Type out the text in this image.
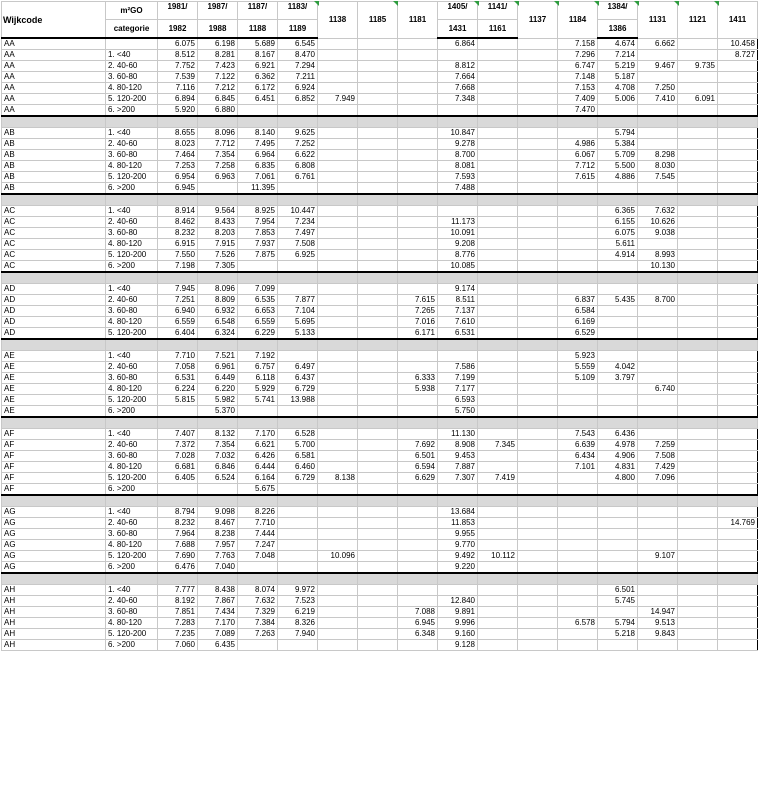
Wijkcode	m²GO	1981/	1987/	1187/	1183/	1138	1185	1181	1405/	1141/	1137	1184	1384/	1131	1121	1411
	categorie	1982	1988	1188	1189				1431	1161			1386			
AA		6.075	6.198	5.689	6.545				6.864			7.158	4.674	6.662		10.458
AA	1. <40	8.512	8.281	8.167	8.470							7.296	7.214			8.727
AA	2. 40-60	7.752	7.423	6.921	7.294				8.812			6.747	5.219	9.467	9.735	
AA	3. 60-80	7.539	7.122	6.362	7.211				7.664			7.148	5.187			
AA	4. 80-120	7.116	7.212	6.172	6.924				7.668			7.153	4.708	7.250		
AA	5. 120-200	6.894	6.845	6.451	6.852	7.949			7.348			7.409	5.006	7.410	6.091	
AA	6. >200	5.920	6.880									7.470				

AB	1. <40	8.655	8.096	8.140	9.625				10.847				5.794			
AB	2. 40-60	8.023	7.712	7.495	7.252				9.278			4.986	5.384			
AB	3. 60-80	7.464	7.354	6.964	6.622				8.700			6.067	5.709	8.298		
AB	4. 80-120	7.253	7.258	6.835	6.808				8.081			7.712	5.500	8.030		
AB	5. 120-200	6.954	6.963	7.061	6.761				7.593			7.615	4.886	7.545		
AB	6. >200	6.945		11.395					7.488							

AC	1. <40	8.914	9.564	8.925	10.447								6.365	7.632		
AC	2. 40-60	8.462	8.433	7.954	7.234				11.173				6.155	10.626		
AC	3. 60-80	8.232	8.203	7.853	7.497				10.091				6.075	9.038		
AC	4. 80-120	6.915	7.915	7.937	7.508				9.208				5.611			
AC	5. 120-200	7.550	7.526	7.875	6.925				8.776				4.914	8.993		
AC	6. >200	7.198	7.305						10.085					10.130		

AD	1. <40	7.945	8.096	7.099					9.174							
AD	2. 40-60	7.251	8.809	6.535	7.877			7.615	8.511			6.837	5.435	8.700		
AD	3. 60-80	6.940	6.932	6.653	7.104			7.265	7.137			6.584				
AD	4. 80-120	6.559	6.548	6.559	5.695			7.016	7.610			6.169				
AD	5. 120-200	6.404	6.324	6.229	5.133			6.171	6.531			6.529				

AE	1. <40	7.710	7.521	7.192								5.923				
AE	2. 40-60	7.058	6.961	6.757	6.497				7.586			5.559	4.042			
AE	3. 60-80	6.531	6.449	6.118	6.437			6.333	7.199			5.109	3.797			
AE	4. 80-120	6.224	6.220	5.929	6.729			5.938	7.177					6.740		
AE	5. 120-200	5.815	5.982	5.741	13.988				6.593							
AE	6. >200		5.370						5.750							

AF	1. <40	7.407	8.132	7.170	6.528				11.130			7.543	6.436			
AF	2. 40-60	7.372	7.354	6.621	5.700			7.692	8.908	7.345		6.639	4.978	7.259		
AF	3. 60-80	7.028	7.032	6.426	6.581			6.501	9.453			6.434	4.906	7.508		
AF	4. 80-120	6.681	6.846	6.444	6.460			6.594	7.887			7.101	4.831	7.429		
AF	5. 120-200	6.405	6.524	6.164	6.729	8.138		6.629	7.307	7.419			4.800	7.096		
AF	6. >200			5.675												

AG	1. <40	8.794	9.098	8.226					13.684							
AG	2. 40-60	8.232	8.467	7.710					11.853							14.769
AG	3. 60-80	7.964	8.238	7.444					9.955							
AG	4. 80-120	7.688	7.957	7.247					9.770							
AG	5. 120-200	7.690	7.763	7.048		10.096			9.492	10.112				9.107		
AG	6. >200	6.476	7.040						9.220							

AH	1. <40	7.777	8.438	8.074	9.972								6.501			
AH	2. 40-60	8.192	7.867	7.632	7.523				12.840				5.745			
AH	3. 60-80	7.851	7.434	7.329	6.219			7.088	9.891					14.947		
AH	4. 80-120	7.283	7.170	7.384	8.326			6.945	9.996			6.578	5.794	9.513		
AH	5. 120-200	7.235	7.089	7.263	7.940			6.348	9.160				5.218	9.843		
AH	6. >200	7.060	6.435						9.128							
